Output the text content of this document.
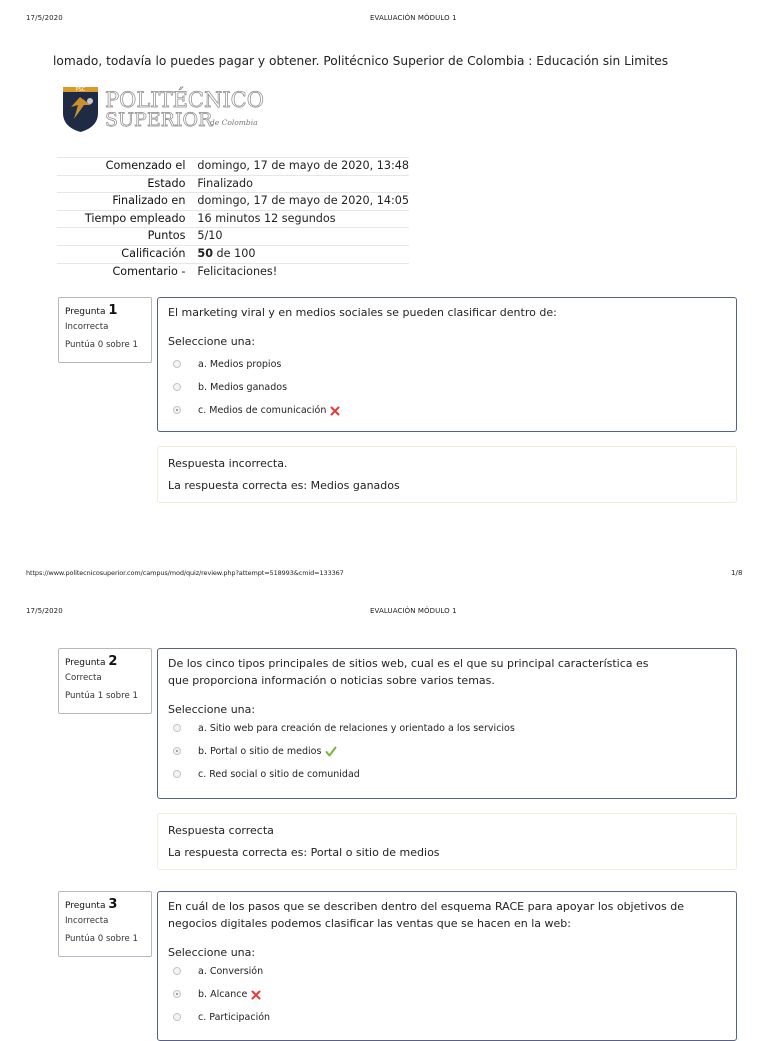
17/5/2020	EVALUACIÓN MÓDULO 1
lomado, todavía lo puedes pagar y obtener. Politécnico Superior de Colombia : Educación sin Limites
PSC POLITÉCNICO
SUPERIOR
de Colombia
Comenzado el	domingo, 17 de mayo de 2020, 13:48
Estado	Finalizado
Finalizado en	domingo, 17 de mayo de 2020, 14:05
Tiempo empleado	16 minutos 12 segundos
Puntos	5/10
Calificación	50 de 100
Comentario -	Felicitaciones!
Pregunta 1
Incorrecta
Puntúa 0 sobre 1
El marketing viral y en medios sociales se pueden clasificar dentro de:
Seleccione una:
a. Medios propios
b. Medios ganados
c. Medios de comunicación
Respuesta incorrecta.
La respuesta correcta es: Medios ganados
https://www.politecnicosuperior.com/campus/mod/quiz/review.php?attempt=518993&cmid=133367	1/8
17/5/2020	EVALUACIÓN MÓDULO 1
Pregunta 2
Correcta
Puntúa 1 sobre 1
De los cinco tipos principales de sitios web, cual es el que su principal característica es que proporciona información o noticias sobre varios temas.
Seleccione una:
a. Sitio web para creación de relaciones y orientado a los servicios
b. Portal o sitio de medios
c. Red social o sitio de comunidad
Respuesta correcta
La respuesta correcta es: Portal o sitio de medios
Pregunta 3
Incorrecta
Puntúa 0 sobre 1
En cuál de los pasos que se describen dentro del esquema RACE para apoyar los objetivos de negocios digitales podemos clasificar las ventas que se hacen en la web:
Seleccione una:
a. Conversión
b. Alcance
c. Participación
